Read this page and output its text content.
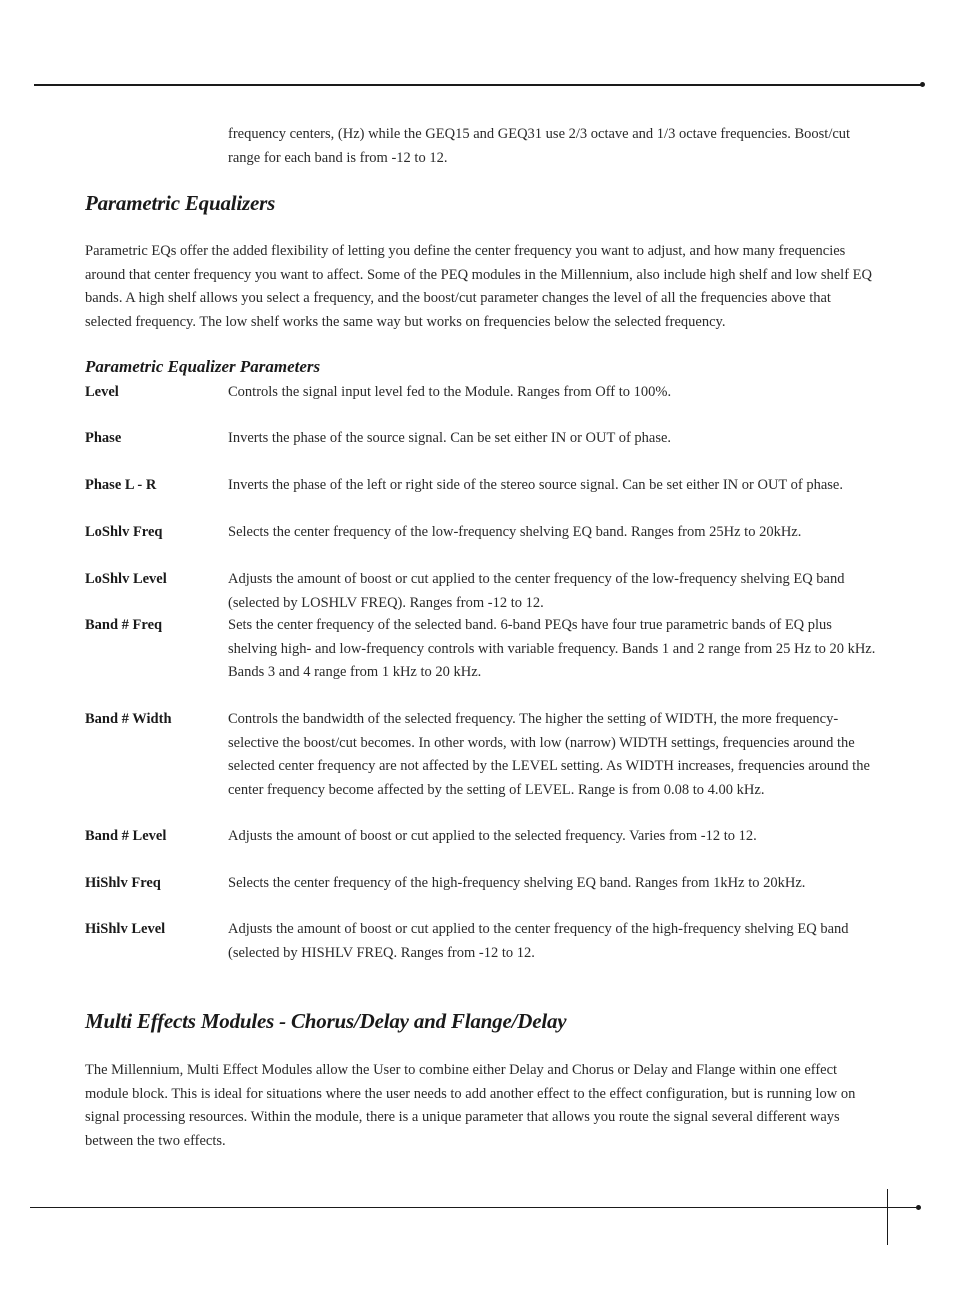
frequency centers, (Hz) while the GEQ15 and GEQ31 use 2/3 octave and 1/3 octave frequencies. Boost/cut range for each band is from -12 to 12.

Parametric Equalizers

Parametric EQs offer the added flexibility of letting you define the center frequency you want to adjust, and how many frequencies around that center frequency you want to affect. Some of the PEQ modules in the Millennium, also include high shelf and low shelf EQ bands. A high shelf allows you select a frequency, and the boost/cut parameter changes the level of all the frequencies above that selected frequency. The low shelf works the same way but works on frequencies below the selected frequency.

Parametric Equalizer Parameters
Level	Controls the signal input level fed to the Module. Ranges from Off to 100%.
Phase	Inverts the phase of the source signal. Can be set either IN or OUT of phase.
Phase L - R	Inverts the phase of the left or right side of the stereo source signal. Can be set either IN or OUT of phase.
LoShlv Freq	Selects the center frequency of the low-frequency shelving EQ band. Ranges from 25Hz to 20kHz.
LoShlv Level	Adjusts the amount of boost or cut applied to the center frequency of the low-frequency shelving EQ band (selected by LOSHLV FREQ). Ranges from -12 to 12.
Band # Freq	Sets the center frequency of the selected band. 6-band PEQs have four true parametric bands of EQ plus shelving high- and low-frequency controls with variable frequency. Bands 1 and 2 range from 25 Hz to 20 kHz. Bands 3 and 4 range from 1 kHz to 20 kHz.
Band # Width	Controls the bandwidth of the selected frequency. The higher the setting of WIDTH, the more frequency-selective the boost/cut becomes. In other words, with low (narrow) WIDTH settings, frequencies around the selected center frequency are not affected by the LEVEL setting. As WIDTH increases, frequencies around the center frequency become affected by the setting of LEVEL. Range is from 0.08 to 4.00 kHz.
Band # Level	Adjusts the amount of boost or cut applied to the selected frequency. Varies from -12 to 12.
HiShlv Freq	Selects the center frequency of the high-frequency shelving EQ band. Ranges from 1kHz to 20kHz.
HiShlv Level	Adjusts the amount of boost or cut applied to the center frequency of the high-frequency shelving EQ band (selected by HISHLV FREQ. Ranges from -12 to 12.
Multi Effects Modules - Chorus/Delay and Flange/Delay

The Millennium, Multi Effect Modules allow the User to combine either Delay and Chorus or Delay and Flange within one effect module block. This is ideal for situations where the user needs to add another effect to the effect configuration, but is running low on signal processing resources. Within the module, there is a unique parameter that allows you route the signal several different ways between the two effects.
